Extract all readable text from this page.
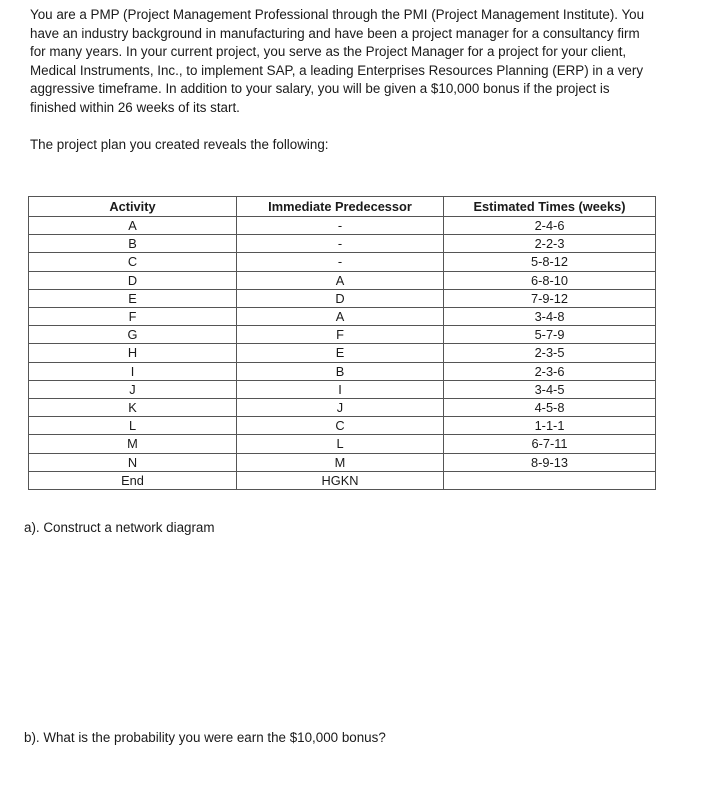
You are a PMP (Project Management Professional through the PMI (Project Management Institute). You
have an industry background in manufacturing and have been a project manager for a consultancy firm
for many years. In your current project, you serve as the Project Manager for a project for your client,
Medical Instruments, Inc., to implement SAP, a leading Enterprises Resources Planning (ERP) in a very
aggressive timeframe. In addition to your salary, you will be given a $10,000 bonus if the project is
finished within 26 weeks of its start.

The project plan you created reveals the following:

Activity	Immediate Predecessor	Estimated Times (weeks)
A	-	2-4-6
B	-	2-2-3
C	-	5-8-12
D	A	6-8-10
E	D	7-9-12
F	A	3-4-8
G	F	5-7-9
H	E	2-3-5
I	B	2-3-6
J	I	3-4-5
K	J	4-5-8
L	C	1-1-1
M	L	6-7-11
N	M	8-9-13
End	HGKN	

a). Construct a network diagram

b). What is the probability you were earn the $10,000 bonus?
